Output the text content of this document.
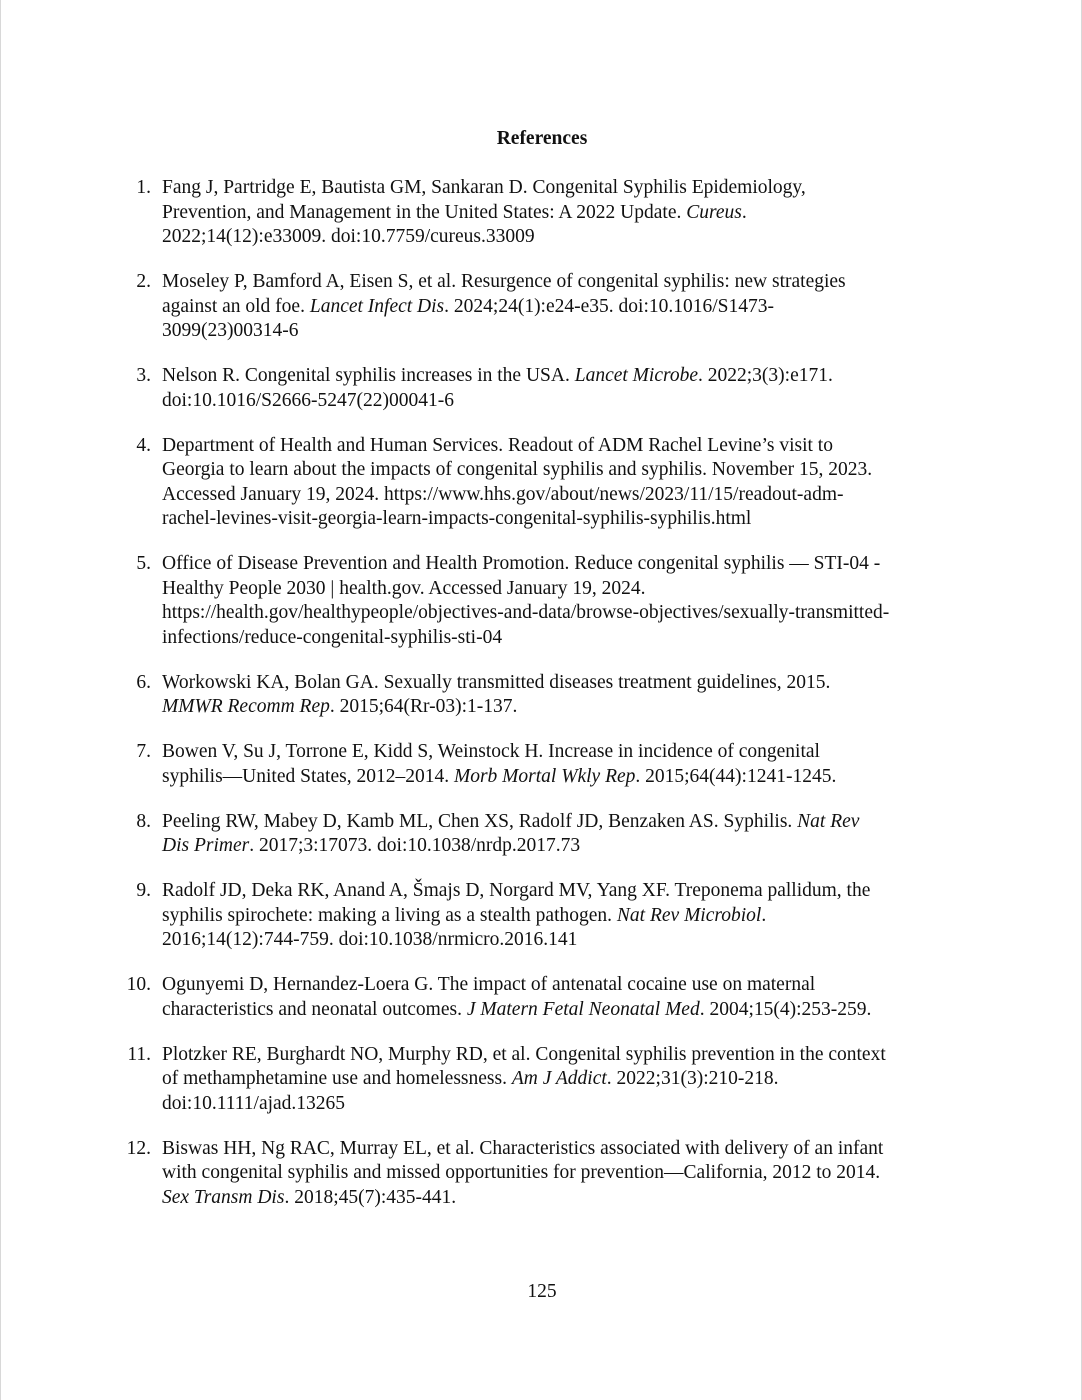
References
1. Fang J, Partridge E, Bautista GM, Sankaran D. Congenital Syphilis Epidemiology,
Prevention, and Management in the United States: A 2022 Update. Cureus.
2022;14(12):e33009. doi:10.7759/cureus.33009
2. Moseley P, Bamford A, Eisen S, et al. Resurgence of congenital syphilis: new strategies
against an old foe. Lancet Infect Dis. 2024;24(1):e24-e35. doi:10.1016/S1473-
3099(23)00314-6
3. Nelson R. Congenital syphilis increases in the USA. Lancet Microbe. 2022;3(3):e171.
doi:10.1016/S2666-5247(22)00041-6
4. Department of Health and Human Services. Readout of ADM Rachel Levine’s visit to
Georgia to learn about the impacts of congenital syphilis and syphilis. November 15, 2023.
Accessed January 19, 2024. https://www.hhs.gov/about/news/2023/11/15/readout-adm-
rachel-levines-visit-georgia-learn-impacts-congenital-syphilis-syphilis.html
5. Office of Disease Prevention and Health Promotion. Reduce congenital syphilis — STI-04 -
Healthy People 2030 | health.gov. Accessed January 19, 2024.
https://health.gov/healthypeople/objectives-and-data/browse-objectives/sexually-transmitted-
infections/reduce-congenital-syphilis-sti-04
6. Workowski KA, Bolan GA. Sexually transmitted diseases treatment guidelines, 2015.
MMWR Recomm Rep. 2015;64(Rr-03):1-137.
7. Bowen V, Su J, Torrone E, Kidd S, Weinstock H. Increase in incidence of congenital
syphilis—United States, 2012–2014. Morb Mortal Wkly Rep. 2015;64(44):1241-1245.
8. Peeling RW, Mabey D, Kamb ML, Chen XS, Radolf JD, Benzaken AS. Syphilis. Nat Rev
Dis Primer. 2017;3:17073. doi:10.1038/nrdp.2017.73
9. Radolf JD, Deka RK, Anand A, Šmajs D, Norgard MV, Yang XF. Treponema pallidum, the
syphilis spirochete: making a living as a stealth pathogen. Nat Rev Microbiol.
2016;14(12):744-759. doi:10.1038/nrmicro.2016.141
10. Ogunyemi D, Hernandez-Loera G. The impact of antenatal cocaine use on maternal
characteristics and neonatal outcomes. J Matern Fetal Neonatal Med. 2004;15(4):253-259.
11. Plotzker RE, Burghardt NO, Murphy RD, et al. Congenital syphilis prevention in the context
of methamphetamine use and homelessness. Am J Addict. 2022;31(3):210-218.
doi:10.1111/ajad.13265
12. Biswas HH, Ng RAC, Murray EL, et al. Characteristics associated with delivery of an infant
with congenital syphilis and missed opportunities for prevention—California, 2012 to 2014.
Sex Transm Dis. 2018;45(7):435-441.
125
